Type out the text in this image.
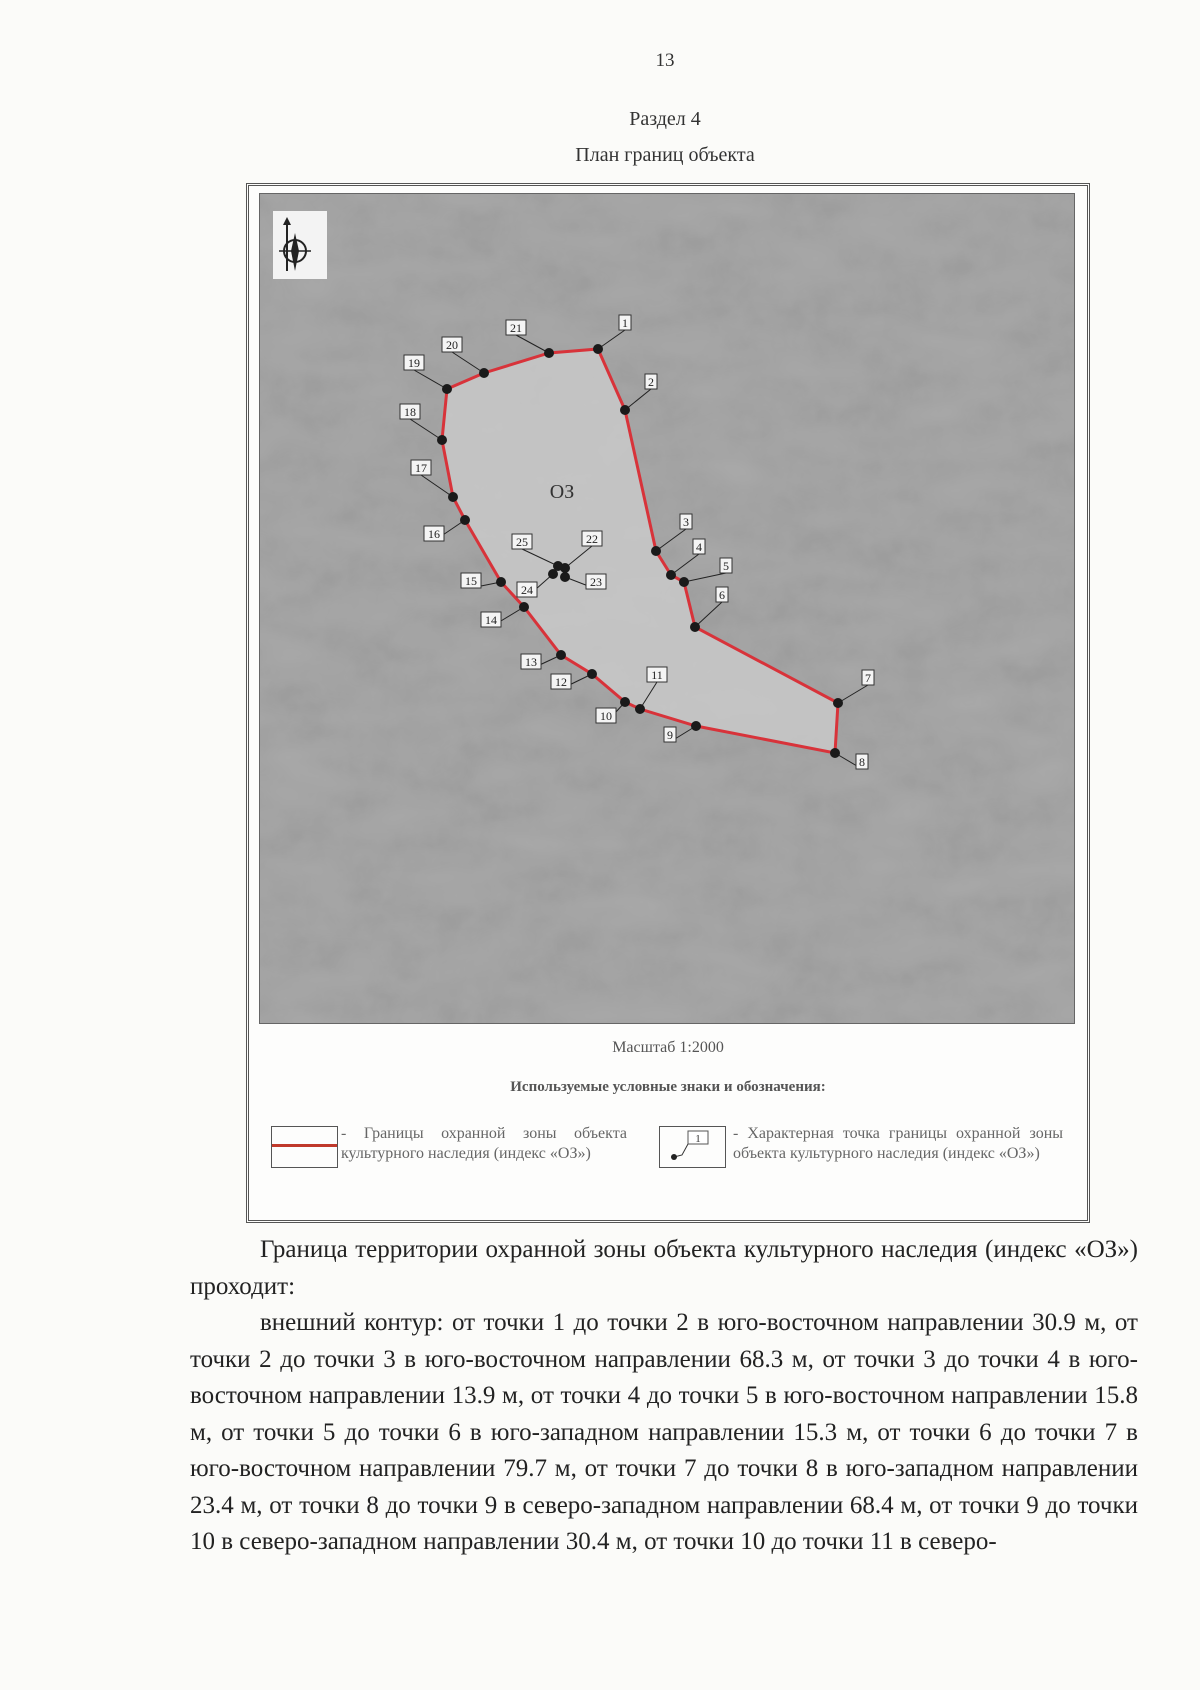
13
Раздел 4
План границ объекта
ОЗ
1
2
3
4
5
6
7
8
9
10
11
12
13
14
15
16
17
18
19
20
21
22
23
24
25
Масштаб 1:2000
Используемые условные знаки и обозначения:
- Границы охранной зоны объекта культурного наследия (индекс «ОЗ»)
1 - Характерная точка границы охранной зоны объекта культурного наследия (индекс «ОЗ»)

Граница территории охранной зоны объекта культурного наследия (индекс «ОЗ») проходит:

внешний контур: от точки 1 до точки 2 в юго-восточном направлении 30.9 м, от точки 2 до точки 3 в юго-восточном направлении 68.3 м, от точки 3 до точки 4 в юго-восточном направлении 13.9 м, от точки 4 до точки 5 в юго-восточном направлении 15.8 м, от точки 5 до точки 6 в юго-западном направлении 15.3 м, от точки 6 до точки 7 в юго-восточном направлении 79.7 м, от точки 7 до точки 8 в юго-западном направлении 23.4 м, от точки 8 до точки 9 в северо-западном направлении 68.4 м, от точки 9 до точки 10 в северо-западном направлении 30.4 м, от точки 10 до точки 11 в северо-
